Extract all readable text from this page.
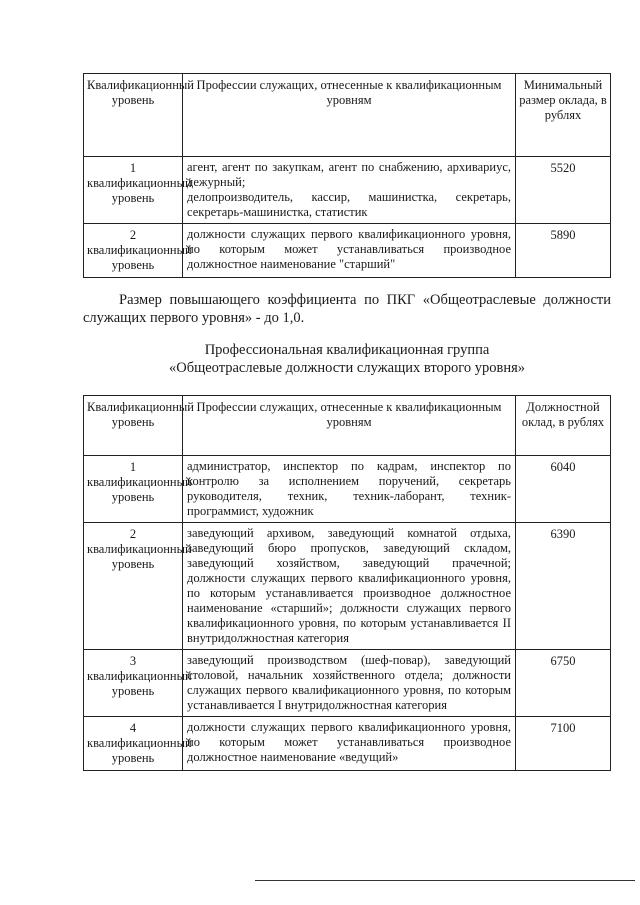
Квалификационный уровень	Профессии служащих, отнесенные к квалификационным уровням	Минимальный размер оклада, в рублях

1
квалификационный уровень	агент, агент по закупкам, агент по снабжению, архивариус, дежурный;
делопроизводитель, кассир, машинистка, секретарь, секретарь-машинистка, статистик	5520

2
квалификационный уровень	должности служащих первого квалификационного уровня, по которым может устанавливаться производное должностное наименование "старший"	5890
Размер повышающего коэффициента по ПКГ «Общеотраслевые должности служащих первого уровня» - до 1,0.
Профессиональная квалификационная группа
«Общеотраслевые должности служащих второго уровня»
Квалификационный уровень	Профессии служащих, отнесенные к квалификационным уровням	Должностной оклад, в рублях

1
квалификационный уровень	администратор, инспектор по кадрам, инспектор по контролю за исполнением поручений, секретарь руководителя, техник, техник-лаборант, техник-программист, художник	6040

2
квалификационный уровень	заведующий архивом, заведующий комнатой отдыха, заведующий бюро пропусков, заведующий складом, заведующий хозяйством, заведующий прачечной; должности служащих первого квалификационного уровня, по которым устанавливается производное должностное наименование «старший»; должности служащих первого квалификационного уровня, по которым устанавливается II внутридолжностная категория	6390

3
квалификационный уровень	заведующий производством (шеф-повар), заведующий столовой, начальник хозяйственного отдела; должности служащих первого квалификационного уровня, по которым устанавливается I внутридолжностная категория	6750

4
квалификационный уровень	должности служащих первого квалификационного уровня, по которым может устанавливаться производное должностное наименование «ведущий»	7100
